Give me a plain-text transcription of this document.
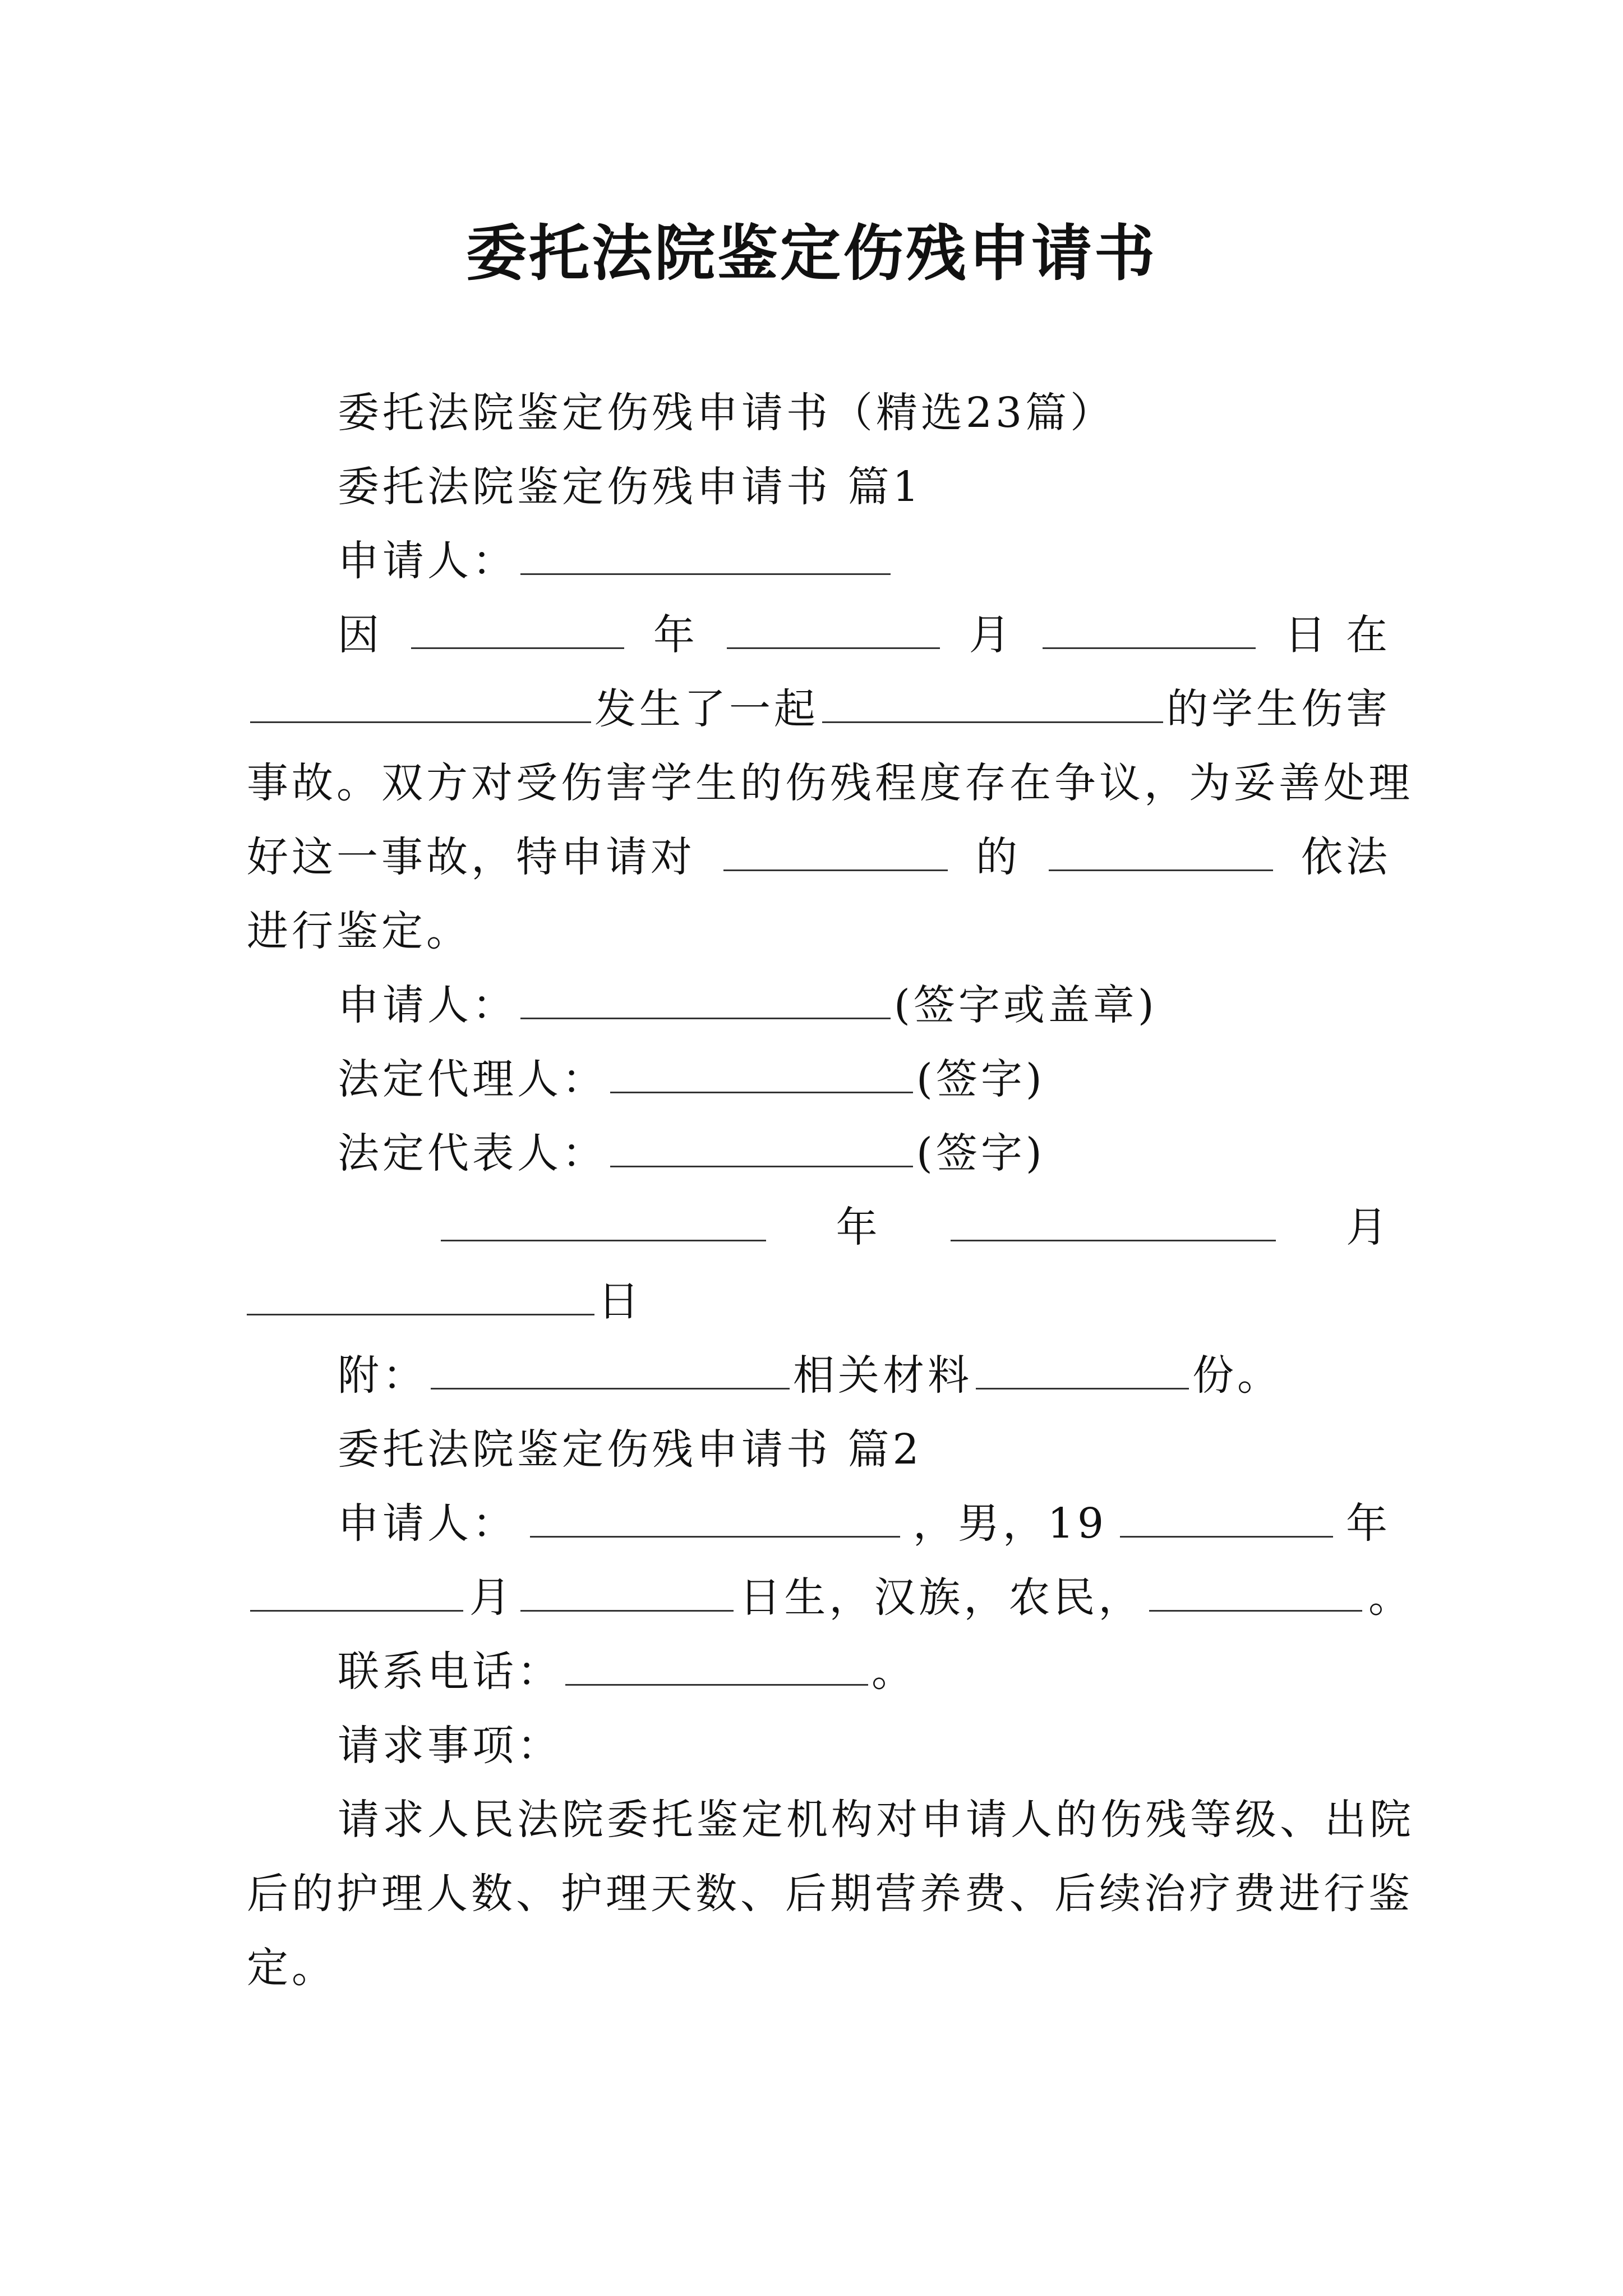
委托法院鉴定伤残申请书
委托法院鉴定伤残申请书（精选23篇）
委托法院鉴定伤残申请书 篇1
申请人：
因	年	月	日 在
发生了一起	的学生伤害
事故。双方对受伤害学生的伤残程度存在争议，为妥善处理
好这一事故，特申请对	的	依法
进行鉴定。
申请人：	(签字或盖章)
法定代理人：	(签字)
法定代表人：	(签字)
年	月
日
附：	相关材料	份。
委托法院鉴定伤残申请书 篇2
申请人：	，男，19	年
月	日生，汉族，农民，	。
联系电话：	。
请求事项：
请求人民法院委托鉴定机构对申请人的伤残等级、出院
后的护理人数、护理天数、后期营养费、后续治疗费进行鉴
定。
